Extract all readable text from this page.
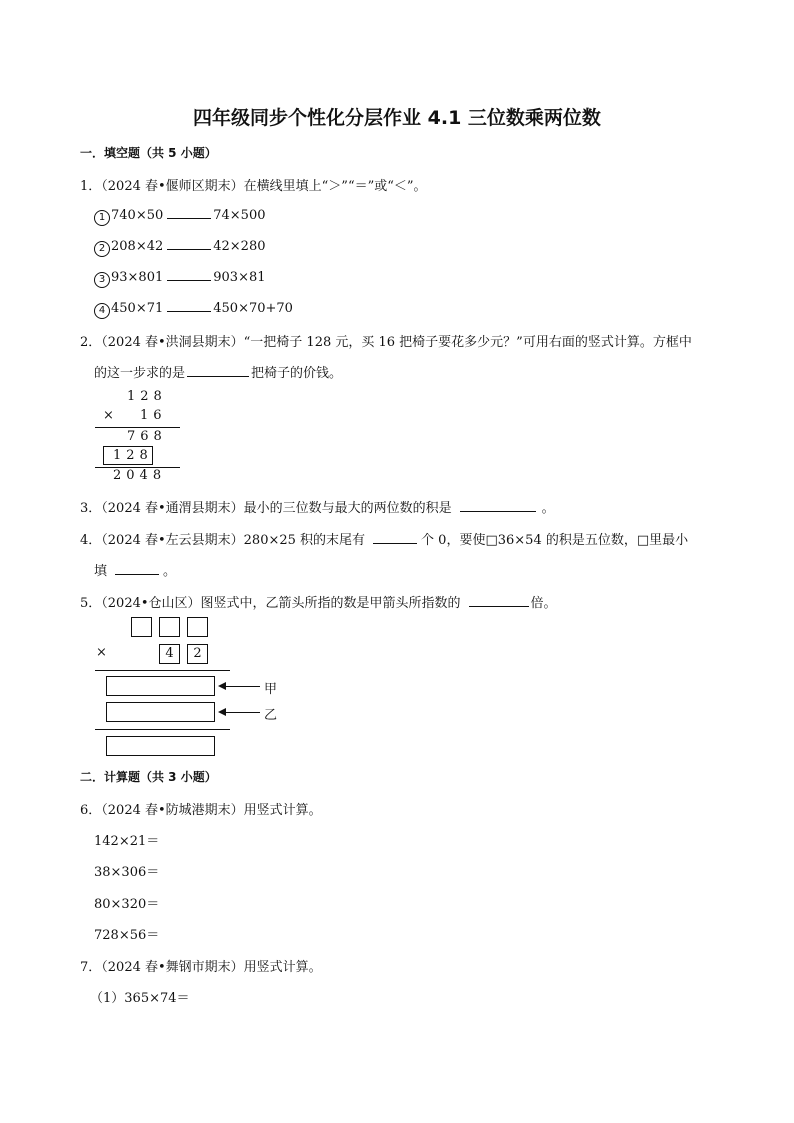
四年级同步个性化分层作业 4.1 三位数乘两位数
一．填空题（共 5 小题）
1．（2024 春•偃师区期末）在横线里填上“＞”“＝”或“＜”。
1 740×50	74×500
2 208×42	42×280
3 93×801	903×81
4 450×71	450×70+70
2．（2024 春•洪洞县期末）“一把椅子 128 元，买 16 把椅子要花多少元？”可用右面的竖式计算。方框中
的这一步求的是	把椅子的价钱。
128
× 16
768
128
2048
3．（2024 春•通渭县期末）最小的三位数与最大的两位数的积是	。
4．（2024 春•左云县期末）280×25 积的末尾有	个 0，要使□36×54 的积是五位数，□里最小
填	。
5．（2024•仓山区）图竖式中，乙箭头所指的数是甲箭头所指数的	倍。
×	4	2
甲
乙
二．计算题（共 3 小题）
6．（2024 春•防城港期末）用竖式计算。
142×21＝
38×306＝
80×320＝
728×56＝
7．（2024 春•舞钢市期末）用竖式计算。
（1）365×74＝
